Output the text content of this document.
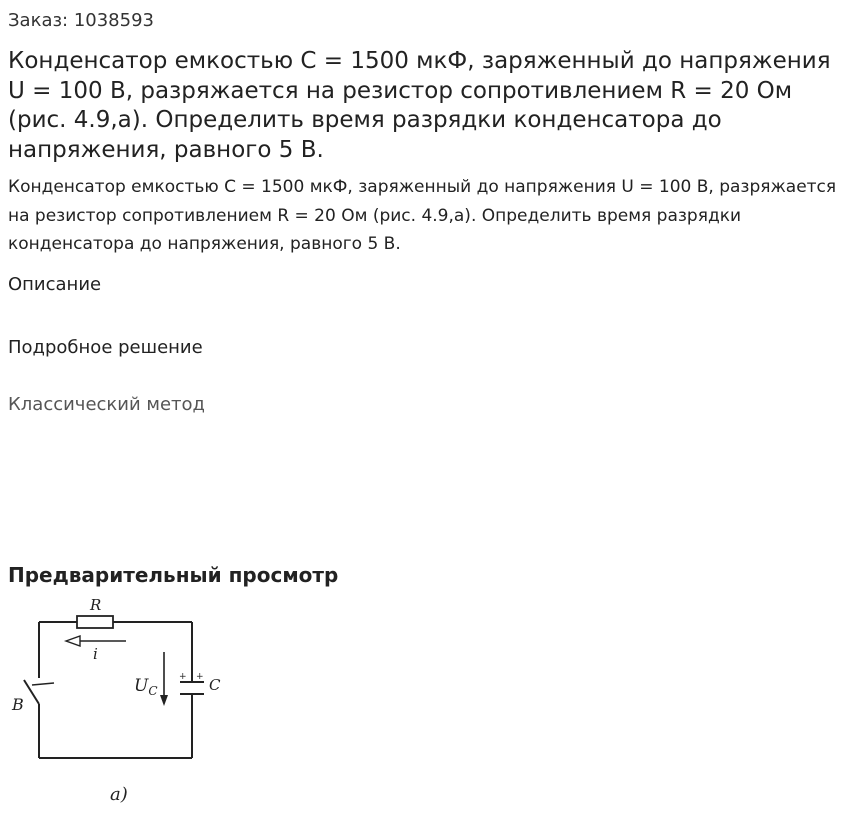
Заказ: 1038593
Конденсатор емкостью С = 1500 мкФ, заряженный до напряжения U = 100 В, разряжается на резистор сопротивлением R = 20 Ом (рис. 4.9,а). Определить время разрядки конденсатора до напряжения, равного 5 В.

Конденсатор емкостью С = 1500 мкФ, заряженный до напряжения U = 100 В, разряжается на резистор сопротивлением R = 20 Ом (рис. 4.9,а). Определить время разрядки конденсатора до напряжения, равного 5 В.

Описание
Подробное решение
Классический метод
Предварительный просмотр
R
i
$U_C$	C
B
а)
+ +
